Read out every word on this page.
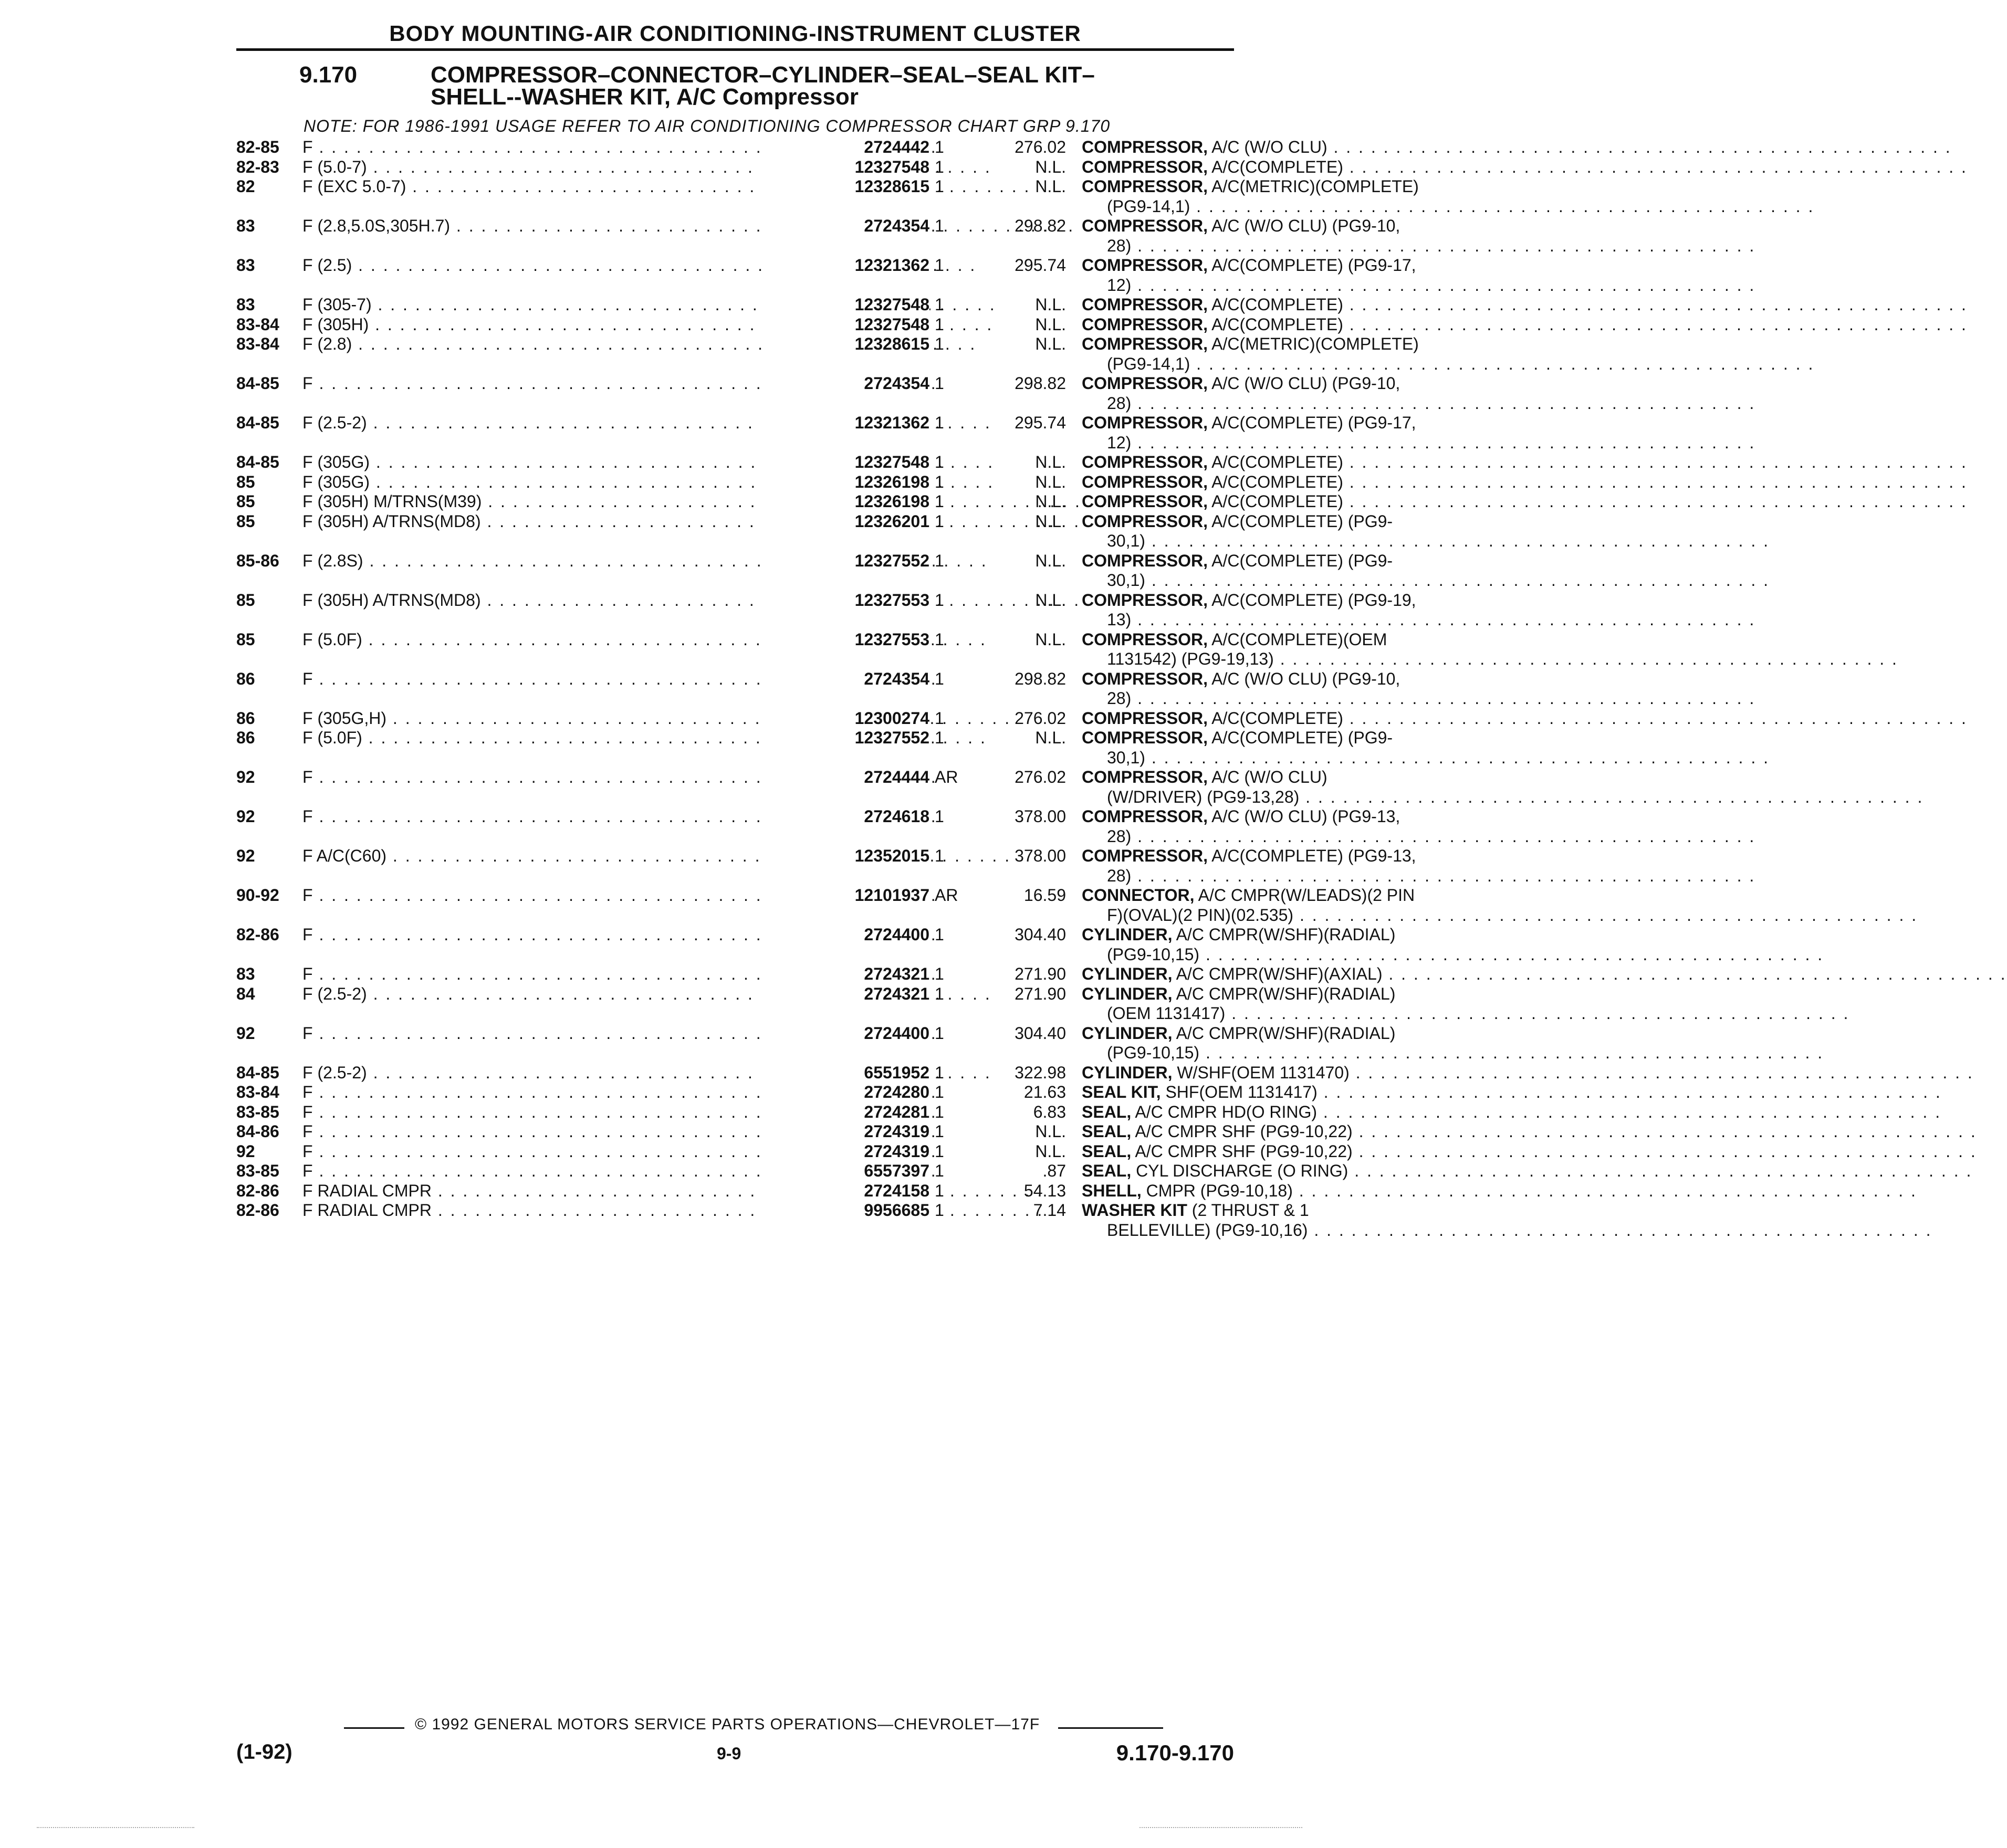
BODY MOUNTING-AIR CONDITIONING-INSTRUMENT CLUSTER
9.170	COMPRESSOR–CONNECTOR–CYLINDER–SEAL–SEAL KIT–
SHELL--WASHER KIT, A/C Compressor
NOTE: FOR 1986-1991 USAGE REFER TO AIR CONDITIONING COMPRESSOR CHART GRP 9.170
82-85 F . . .	2724442 1	276.02 COMPRESSOR, A/C (W/O CLU) . . .
82-83 F (5.0-7) . . .	12327548 1	N.L. COMPRESSOR, A/C(COMPLETE) . . .
82	F (EXC 5.0-7) . . .	12328615 1	N.L. COMPRESSOR, A/C(METRIC)(COMPLETE)
(PG9-14,1) . . .
83	F (2.8,5.0S,305H.7) . . .	2724354 1	298.82 COMPRESSOR, A/C (W/O CLU) (PG9-10,
28) . . .
83	F (2.5) . . .	12321362 1	295.74 COMPRESSOR, A/C(COMPLETE) (PG9-17,
12) . . .
83	F (305-7) . . .	12327548 1	N.L. COMPRESSOR, A/C(COMPLETE) . . .
83-84 F (305H) . . .	12327548 1	N.L. COMPRESSOR, A/C(COMPLETE) . . .
83-84 F (2.8) . . .	12328615 1	N.L. COMPRESSOR, A/C(METRIC)(COMPLETE)
(PG9-14,1) . . .
84-85 F . . .	2724354 1	298.82 COMPRESSOR, A/C (W/O CLU) (PG9-10,
28) . . .
84-85 F (2.5-2) . . .	12321362 1	295.74 COMPRESSOR, A/C(COMPLETE) (PG9-17,
12) . . .
84-85 F (305G) . . .	12327548 1	N.L. COMPRESSOR, A/C(COMPLETE) . . .
85	F (305G) . . .	12326198 1	N.L. COMPRESSOR, A/C(COMPLETE) . . .
85	F (305H) M/TRNS(M39) . . .	12326198 1	N.L. COMPRESSOR, A/C(COMPLETE) . . .
85	F (305H) A/TRNS(MD8) . . .	12326201 1	N.L. COMPRESSOR, A/C(COMPLETE) (PG9-
30,1) . . .
85-86 F (2.8S) . . .	12327552 1	N.L. COMPRESSOR, A/C(COMPLETE) (PG9-
30,1) . . .
85	F (305H) A/TRNS(MD8) . . .	12327553 1	N.L. COMPRESSOR, A/C(COMPLETE) (PG9-19,
13) . . .
85	F (5.0F) . . .	12327553 1	N.L. COMPRESSOR, A/C(COMPLETE)(OEM
1131542) (PG9-19,13) . . .
86	F . . .	2724354 1	298.82 COMPRESSOR, A/C (W/O CLU) (PG9-10,
28) . . .
86	F (305G,H) . . .	12300274 1	276.02 COMPRESSOR, A/C(COMPLETE) . . .
86	F (5.0F) . . .	12327552 1	N.L. COMPRESSOR, A/C(COMPLETE) (PG9-
30,1) . . .
92	F . . .	2724444 AR	276.02 COMPRESSOR, A/C (W/O CLU)
(W/DRIVER) (PG9-13,28) . . .
92	F . . .	2724618 1	378.00 COMPRESSOR, A/C (W/O CLU) (PG9-13,
28) . . .
92	F A/C(C60) . . .	12352015 1	378.00 COMPRESSOR, A/C(COMPLETE) (PG9-13,
28) . . .
90-92 F . . .	12101937 AR	16.59 CONNECTOR, A/C CMPR(W/LEADS)(2 PIN
F)(OVAL)(2 PIN)(02.535) . . .
82-86 F . . .	2724400 1	304.40 CYLINDER, A/C CMPR(W/SHF)(RADIAL)
(PG9-10,15) . . .
83	F . . .	2724321 1	271.90 CYLINDER, A/C CMPR(W/SHF)(AXIAL) . . .
84	F (2.5-2) . . .	2724321 1	271.90 CYLINDER, A/C CMPR(W/SHF)(RADIAL)
(OEM 1131417) . . .
92	F . . .	2724400 1	304.40 CYLINDER, A/C CMPR(W/SHF)(RADIAL)
(PG9-10,15) . . .
84-85 F (2.5-2) . . .	6551952 1	322.98 CYLINDER, W/SHF(OEM 1131470) . . .
83-84 F . . .	2724280 1	21.63 SEAL KIT, SHF(OEM 1131417) . . .
83-85 F . . .	2724281 1	6.83 SEAL, A/C CMPR HD(O RING) . . .
84-86 F . . .	2724319 1	N.L. SEAL, A/C CMPR SHF (PG9-10,22) . . .
92	F . . .	2724319 1	N.L. SEAL, A/C CMPR SHF (PG9-10,22) . . .
83-85 F . . .	6557397 1	.87 SEAL, CYL DISCHARGE (O RING) . . .
82-86 F RADIAL CMPR . . .	2724158 1	54.13 SHELL, CMPR (PG9-10,18) . . .
82-86 F RADIAL CMPR . . .	9956685 1	7.14 WASHER KIT (2 THRUST & 1
BELLEVILLE) (PG9-10,16) . . .
© 1992 GENERAL MOTORS SERVICE PARTS OPERATIONS—CHEVROLET—17F
(1-92)	9-9	9.170-9.170
